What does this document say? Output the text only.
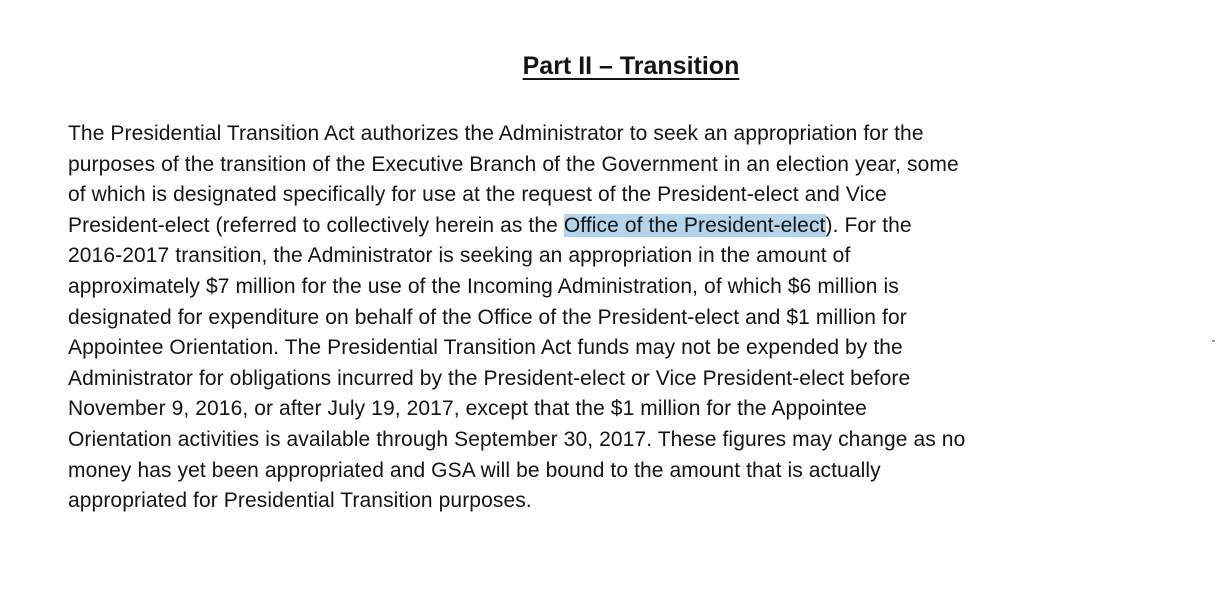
Part II – Transition

The Presidential Transition Act authorizes the Administrator to seek an appropriation for the
purposes of the transition of the Executive Branch of the Government in an election year, some
of which is designated specifically for use at the request of the President-elect and Vice
President-elect (referred to collectively herein as the Office of the President-elect). For the
2016-2017 transition, the Administrator is seeking an appropriation in the amount of
approximately $7 million for the use of the Incoming Administration, of which $6 million is
designated for expenditure on behalf of the Office of the President-elect and $1 million for
Appointee Orientation. The Presidential Transition Act funds may not be expended by the
Administrator for obligations incurred by the President-elect or Vice President-elect before
November 9, 2016, or after July 19, 2017, except that the $1 million for the Appointee
Orientation activities is available through September 30, 2017. These figures may change as no
money has yet been appropriated and GSA will be bound to the amount that is actually
appropriated for Presidential Transition purposes.
